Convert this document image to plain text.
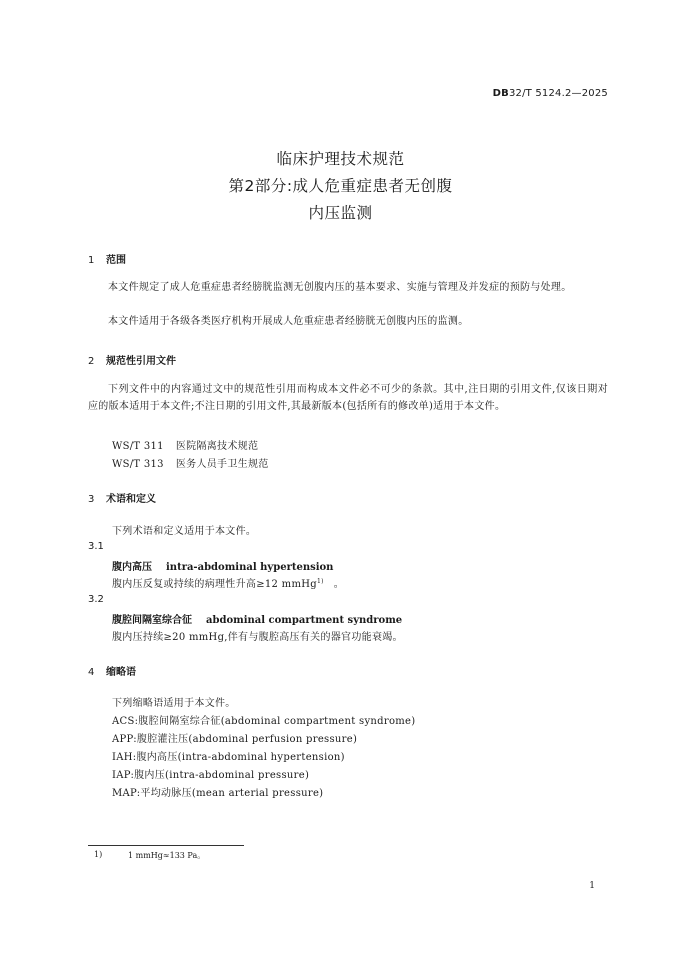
DB32/T 5124.2—2025
临床护理技术规范
第2部分:成人危重症患者无创腹
内压监测
1 范围
本文件规定了成人危重症患者经膀胱监测无创腹内压的基本要求、实施与管理及并发症的预防与处理。
本文件适用于各级各类医疗机构开展成人危重症患者经膀胱无创腹内压的监测。
2 规范性引用文件
下列文件中的内容通过文中的规范性引用而构成本文件必不可少的条款。其中,注日期的引用文件,仅该日期对应的版本适用于本文件;不注日期的引用文件,其最新版本(包括所有的修改单)适用于本文件。
WS/T 311 医院隔离技术规范
WS/T 313 医务人员手卫生规范
3 术语和定义
下列术语和定义适用于本文件。
3.1
腹内高压 intra-abdominal hypertension
腹内压反复或持续的病理性升高≥12 mmHg$^{1)}$ 。
3.2
腹腔间隔室综合征 abdominal compartment syndrome
腹内压持续≥20 mmHg,伴有与腹腔高压有关的器官功能衰竭。
4 缩略语
下列缩略语适用于本文件。
ACS:腹腔间隔室综合征(abdominal compartment syndrome)
APP:腹腔灌注压(abdominal perfusion pressure)
IAH:腹内高压(intra-abdominal hypertension)
IAP:腹内压(intra-abdominal pressure)
MAP:平均动脉压(mean arterial pressure)
1)	1 mmHg≈133 Pa。
1
